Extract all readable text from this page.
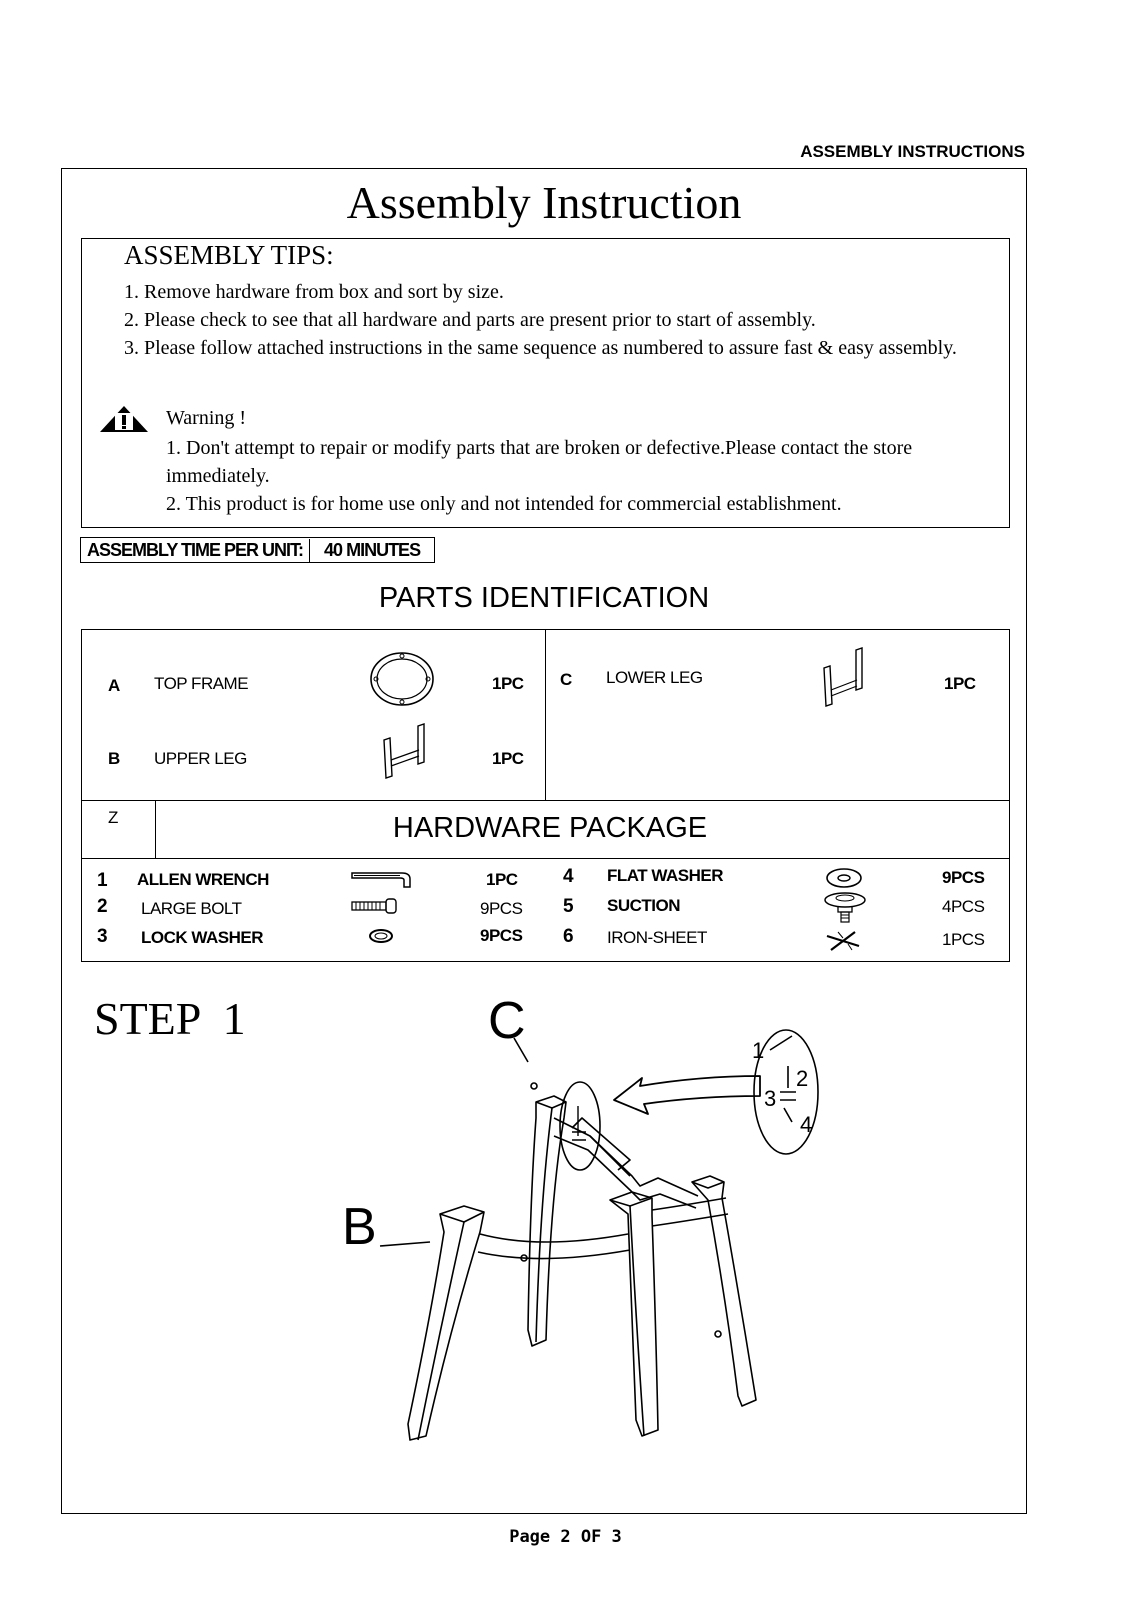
ASSEMBLY INSTRUCTIONS
Assembly Instruction
ASSEMBLY TIPS:
1. Remove hardware from box and sort by size.
2. Please check to see that all hardware and parts are present prior to start of assembly.
3. Please follow attached instructions in the same sequence as numbered to assure fast & easy assembly.
Warning !
1. Don't attempt to repair or modify parts that are broken or defective.Please contact the store immediately.
2. This product is for home use only and not intended for commercial establishment.
ASSEMBLY TIME PER UNIT:	40 MINUTES
PARTS IDENTIFICATION
A TOP FRAME	1PC
B UPPER LEG	1PC
C LOWER LEG	1PC
Z	HARDWARE PACKAGE
1 ALLEN WRENCH	1PC
2 LARGE BOLT	9PCS
3 LOCK WASHER	9PCS
4 FLAT WASHER	9PCS
5 SUCTION	4PCS
6 IRON-SHEET	1PCS
STEP  1	C
B
1
2
3
4
Page 2 OF 3
